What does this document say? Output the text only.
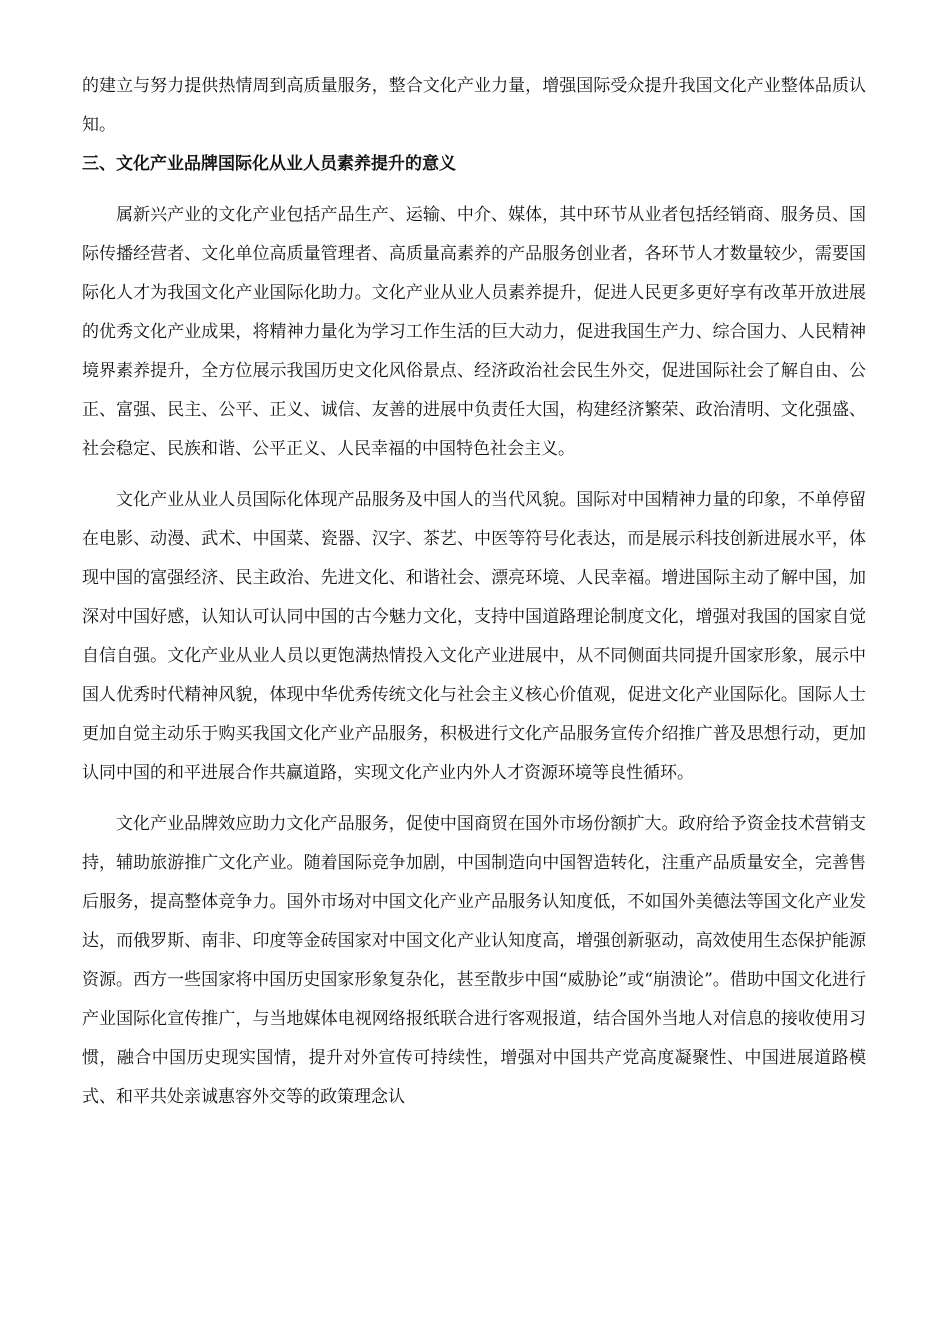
的建立与努力提供热情周到高质量服务，整合文化产业力量，增强国际受众提升我国文化产业整体品质认知。

三、文化产业品牌国际化从业人员素养提升的意义

属新兴产业的文化产业包括产品生产、运输、中介、媒体，其中环节从业者包括经销商、服务员、国际传播经营者、文化单位高质量管理者、高质量高素养的产品服务创业者，各环节人才数量较少，需要国际化人才为我国文化产业国际化助力。文化产业从业人员素养提升，促进人民更多更好享有改革开放进展的优秀文化产业成果，将精神力量化为学习工作生活的巨大动力，促进我国生产力、综合国力、人民精神境界素养提升，全方位展示我国历史文化风俗景点、经济政治社会民生外交，促进国际社会了解自由、公正、富强、民主、公平、正义、诚信、友善的进展中负责任大国，构建经济繁荣、政治清明、文化强盛、社会稳定、民族和谐、公平正义、人民幸福的中国特色社会主义。

文化产业从业人员国际化体现产品服务及中国人的当代风貌。国际对中国精神力量的印象，不单停留在电影、动漫、武术、中国菜、瓷器、汉字、茶艺、中医等符号化表达，而是展示科技创新进展水平，体现中国的富强经济、民主政治、先进文化、和谐社会、漂亮环境、人民幸福。增进国际主动了解中国，加深对中国好感，认知认可认同中国的古今魅力文化，支持中国道路理论制度文化，增强对我国的国家自觉自信自强。文化产业从业人员以更饱满热情投入文化产业进展中，从不同侧面共同提升国家形象，展示中国人优秀时代精神风貌，体现中华优秀传统文化与社会主义核心价值观，促进文化产业国际化。国际人士更加自觉主动乐于购买我国文化产业产品服务，积极进行文化产品服务宣传介绍推广普及思想行动，更加认同中国的和平进展合作共赢道路，实现文化产业内外人才资源环境等良性循环。

文化产业品牌效应助力文化产品服务，促使中国商贸在国外市场份额扩大。政府给予资金技术营销支持，辅助旅游推广文化产业。随着国际竞争加剧，中国制造向中国智造转化，注重产品质量安全，完善售后服务，提高整体竞争力。国外市场对中国文化产业产品服务认知度低，不如国外美德法等国文化产业发达，而俄罗斯、南非、印度等金砖国家对中国文化产业认知度高，增强创新驱动，高效使用生态保护能源资源。西方一些国家将中国历史国家形象复杂化，甚至散步中国“威胁论”或“崩溃论”。借助中国文化进行产业国际化宣传推广，与当地媒体电视网络报纸联合进行客观报道，结合国外当地人对信息的接收使用习惯，融合中国历史现实国情，提升对外宣传可持续性，增强对中国共产党高度凝聚性、中国进展道路模式、和平共处亲诚惠容外交等的政策理念认
